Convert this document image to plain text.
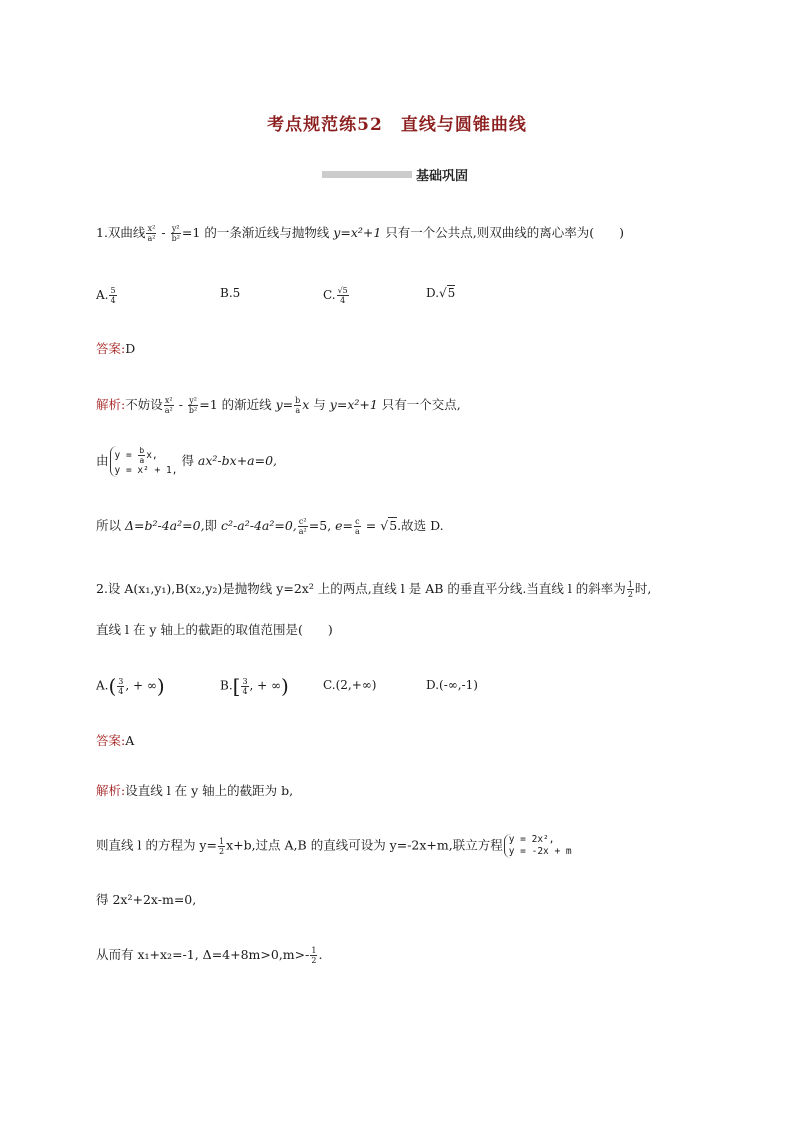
考点规范练52　直线与圆锥曲线
基础巩固
1.双曲线 $\frac{\text{x²}}{\text{a²}} - \frac{\text{y²}}{\text{b²}} =1$ 的一条渐近线与抛物线 y=x²+1 只有一个公共点,则双曲线的离心率为(　　)
A. $\frac{5}{4}$	B.5	C. $\frac{√5}{4}$	D.√5
答案:D
解析:不妨设 $\frac{\text{x²}}{\text{a²}} - \frac{\text{y²}}{\text{b²}} =1$ 的渐近线 $y= \frac{b}{a}$ x 与 y=x²+1 只有一个交点,
由 $y = \frac{b}{a} x$,
y = x² + 1,
得 ax²-bx+a=0,
所以 Δ=b²-4a²=0,即 c²-a²-4a²=0, $\frac{\text{c²}}{\text{a²}} =5$, $e= \frac{c}{a} = √5$.故选 D.
2.设 A(x₁,y₁),B(x₂,y₂)是抛物线 y=2x² 上的两点,直线 l 是 AB 的垂直平分线.当直线 l 的斜率为 $\frac{1}{2}$ 时,
直线 l 在 y 轴上的截距的取值范围是(　　)
$A.( \frac{3}{4}$ , + ∞)	$B.[ \frac{3}{4}$ , + ∞)	C.(2,+∞)	D.(-∞,-1)
答案:A
解析:设直线 l 在 y 轴上的截距为 b,
则直线 l 的方程为 $y= \frac{1}{2} x+b$,过点 A,B 的直线可设为 y=-2x+m,联立方程 y = 2x²,
y = -2x + m
得 2x²+2x-m=0,
从而有 x₁+x₂=-1, $\Delta=4+8m>0,m>- \frac{1}{2}$ .
